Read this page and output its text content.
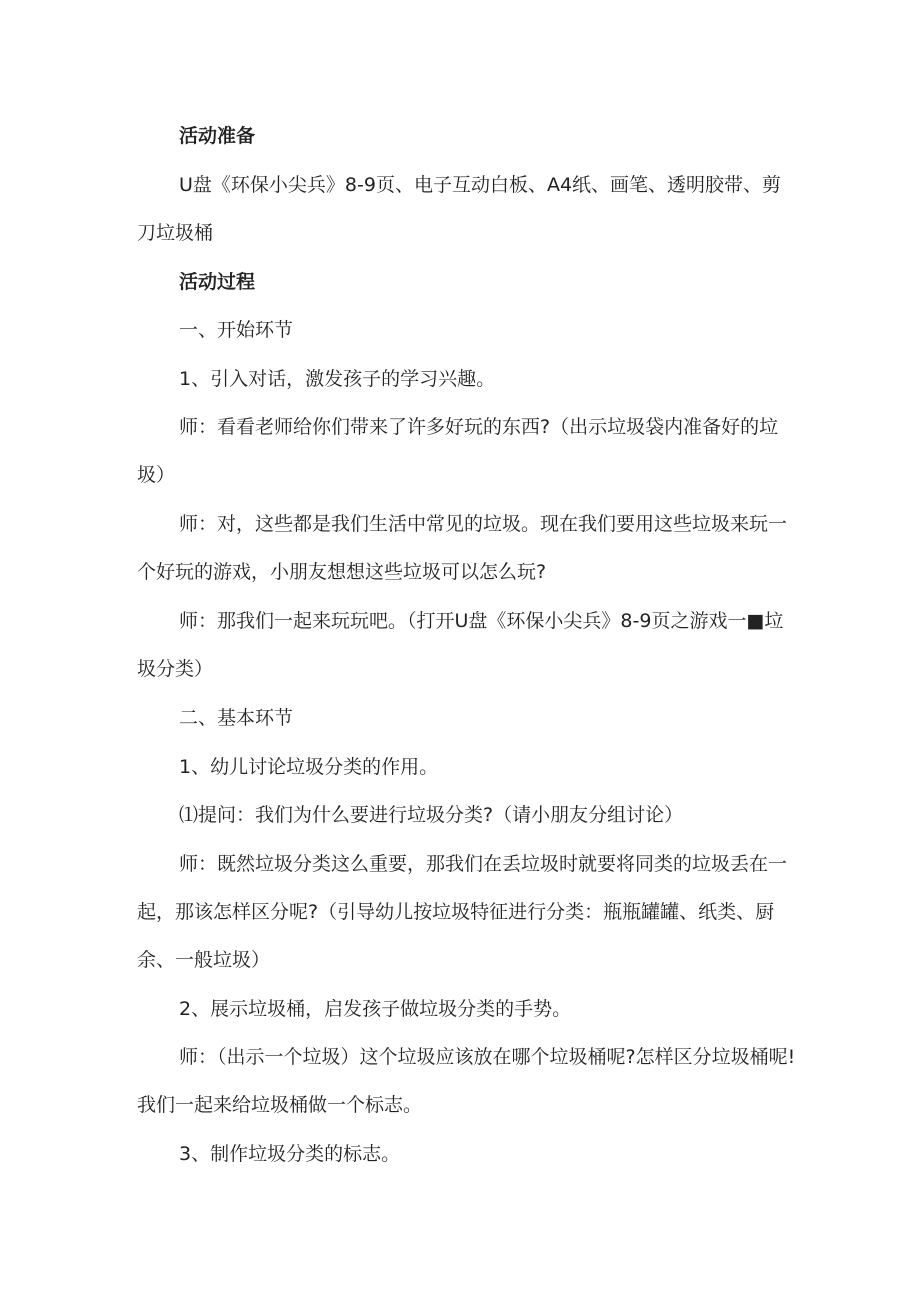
活动准备

U盘《环保小尖兵》8-9页、电子互动白板、A4纸、画笔、透明胶带、剪刀垃圾桶

活动过程

一、开始环节

1、引入对话，激发孩子的学习兴趣。

师：看看老师给你们带来了许多好玩的东西?（出示垃圾袋内准备好的垃圾）

师：对，这些都是我们生活中常见的垃圾。现在我们要用这些垃圾来玩一个好玩的游戏，小朋友想想这些垃圾可以怎么玩?

师：那我们一起来玩玩吧。（打开U盘《环保小尖兵》8-9页之游戏一■垃圾分类）

二、基本环节

1、幼儿讨论垃圾分类的作用。

⑴提问：我们为什么要进行垃圾分类?（请小朋友分组讨论）

师：既然垃圾分类这么重要，那我们在丢垃圾时就要将同类的垃圾丢在一起，那该怎样区分呢?（引导幼儿按垃圾特征进行分类：瓶瓶罐罐、纸类、厨余、一般垃圾）

2、展示垃圾桶，启发孩子做垃圾分类的手势。

师：（出示一个垃圾）这个垃圾应该放在哪个垃圾桶呢?怎样区分垃圾桶呢!我们一起来给垃圾桶做一个标志。

3、制作垃圾分类的标志。
